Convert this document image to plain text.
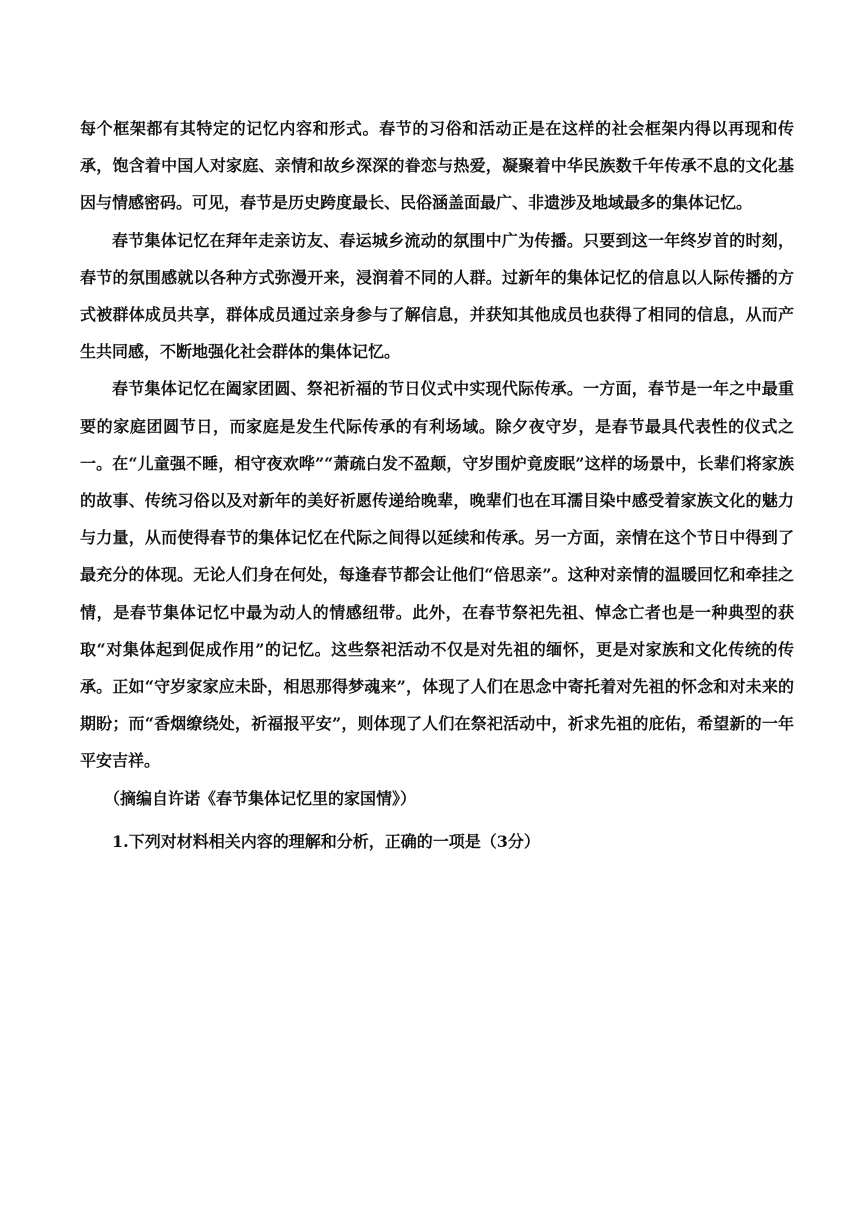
每个框架都有其特定的记忆内容和形式。春节的习俗和活动正是在这样的社会框架内得以再现和传承，饱含着中国人对家庭、亲情和故乡深深的眷恋与热爱，凝聚着中华民族数千年传承不息的文化基因与情感密码。可见，春节是历史跨度最长、民俗涵盖面最广、非遗涉及地域最多的集体记忆。

春节集体记忆在拜年走亲访友、春运城乡流动的氛围中广为传播。只要到这一年终岁首的时刻，春节的氛围感就以各种方式弥漫开来，浸润着不同的人群。过新年的集体记忆的信息以人际传播的方式被群体成员共享，群体成员通过亲身参与了解信息，并获知其他成员也获得了相同的信息，从而产生共同感，不断地强化社会群体的集体记忆。

春节集体记忆在阖家团圆、祭祀祈福的节日仪式中实现代际传承。一方面，春节是一年之中最重要的家庭团圆节日，而家庭是发生代际传承的有利场域。除夕夜守岁，是春节最具代表性的仪式之一。在“儿童强不睡，相守夜欢哗”“萧疏白发不盈颠，守岁围炉竟废眠”这样的场景中，长辈们将家族的故事、传统习俗以及对新年的美好祈愿传递给晚辈，晚辈们也在耳濡目染中感受着家族文化的魅力与力量，从而使得春节的集体记忆在代际之间得以延续和传承。另一方面，亲情在这个节日中得到了最充分的体现。无论人们身在何处，每逢春节都会让他们“倍思亲”。这种对亲情的温暖回忆和牵挂之情，是春节集体记忆中最为动人的情感纽带。此外，在春节祭祀先祖、悼念亡者也是一种典型的获取“对集体起到促成作用”的记忆。这些祭祀活动不仅是对先祖的缅怀，更是对家族和文化传统的传承。正如“守岁家家应未卧，相思那得梦魂来”，体现了人们在思念中寄托着对先祖的怀念和对未来的期盼；而“香烟缭绕处，祈福报平安”，则体现了人们在祭祀活动中，祈求先祖的庇佑，希望新的一年平安吉祥。

（摘编自许诺《春节集体记忆里的家国情》）

1.下列对材料相关内容的理解和分析，正确的一项是（3分）
